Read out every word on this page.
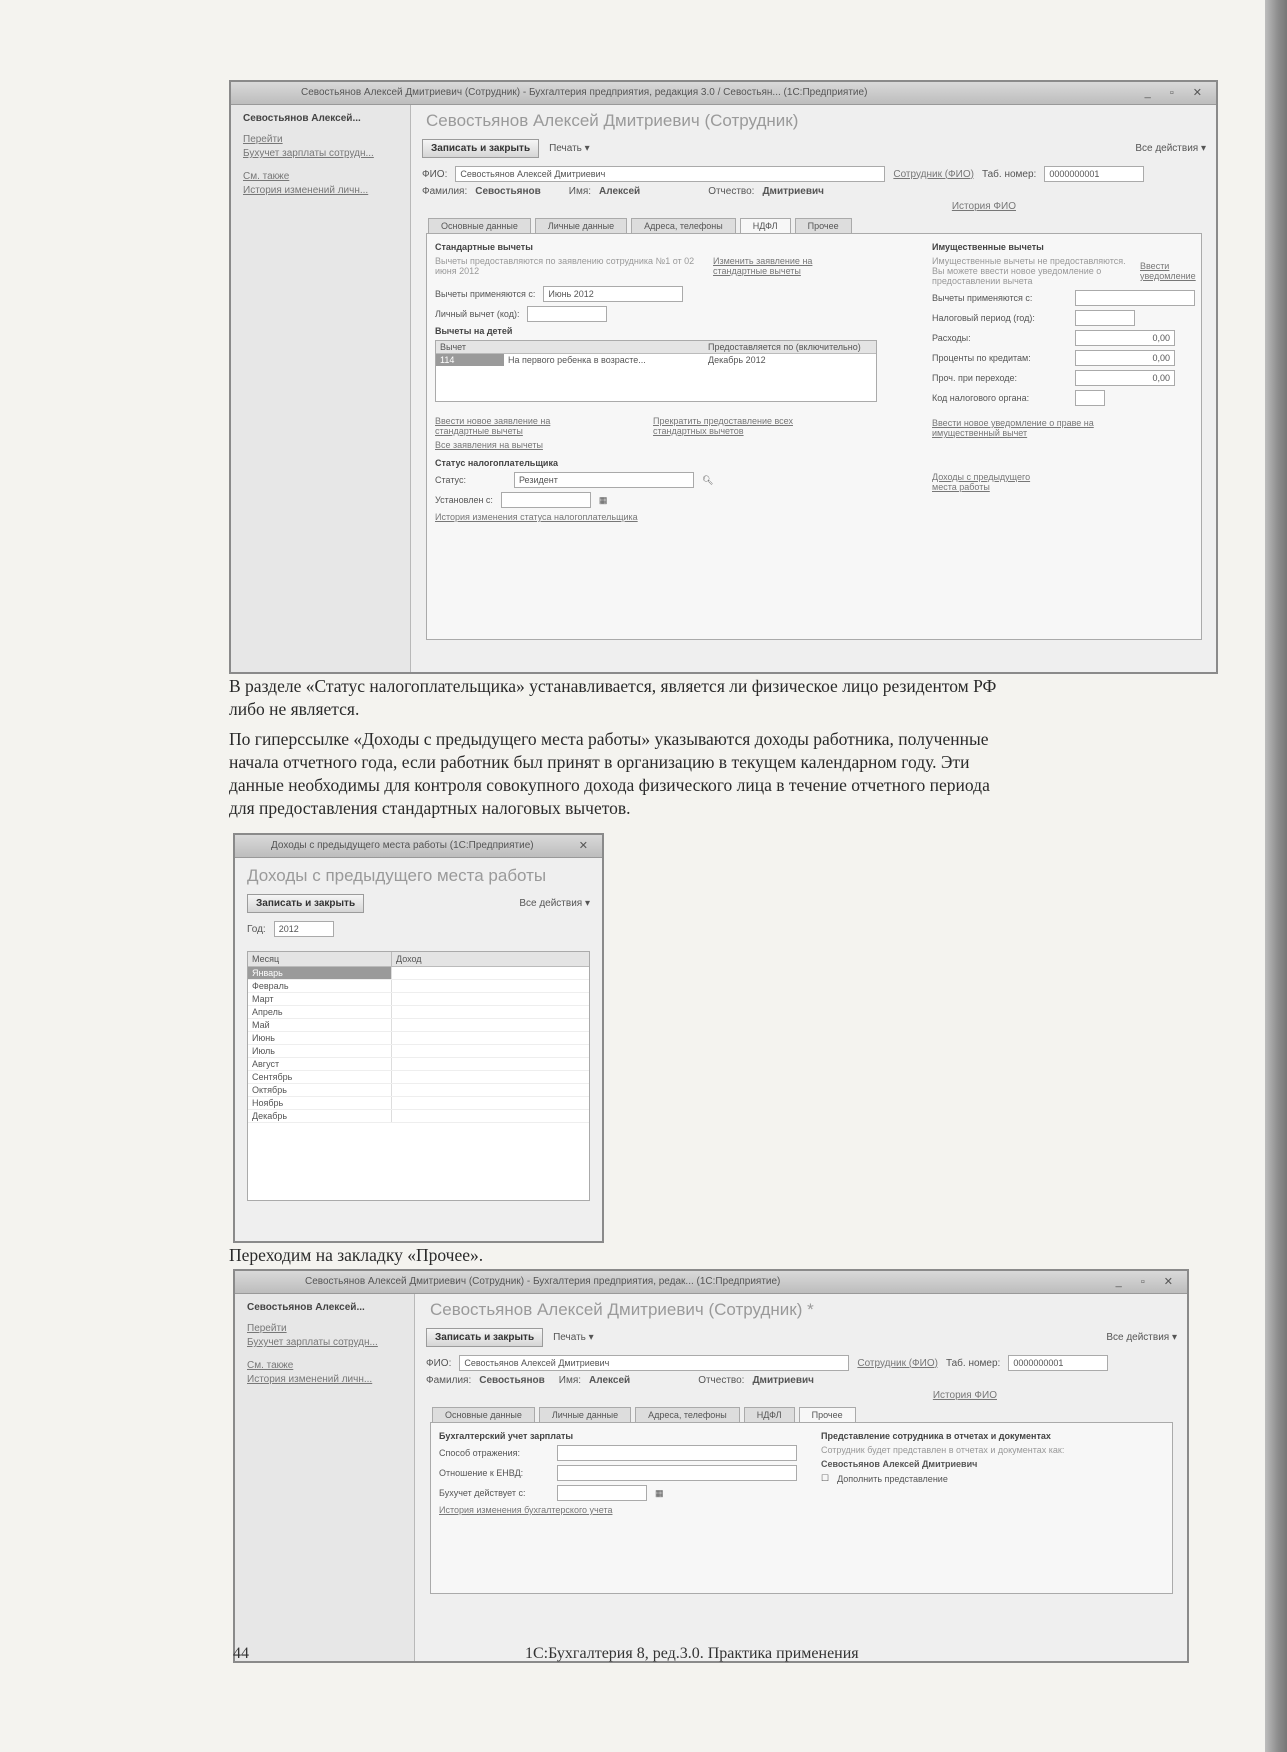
Севостьянов Алексей Дмитриевич (Сотрудник) - Бухгалтерия предприятия, редакция 3.0 / Севостьян... (1С:Предприятие)	_ ▫ ✕
Севостьянов Алексей...
Перейти
Бухучет зарплаты сотрудн...
См. также
История изменений личн...
Севостьянов Алексей Дмитриевич (Сотрудник)
Записать и закрыть	Печать ▾	Все действия ▾
ФИО:	Севостьянов Алексей Дмитриевич	Сотрудник (ФИО) Таб. номер:	0000000001
Фамилия: Севостьянов	Имя: Алексей	Отчество: Дмитриевич
История ФИО
Основные данные	Личные данные	Адреса, телефоны	НДФЛ	Прочее
Стандартные вычеты
Вычеты предоставляются по заявлению сотрудника №1 от 02 июня 2012
Изменить заявление на стандартные вычеты
Вычеты применяются с:	Июнь 2012
Личный вычет (код):
Вычеты на детей
Вычет	Предоставляется по (включительно)
114	На первого ребенка в возрасте...	Декабрь 2012
Ввести новое заявление на стандартные вычеты
Прекратить предоставление всех стандартных вычетов
Все заявления на вычеты
Статус налогоплательщика
Статус:	Резидент	🔍︎
Установлен с:	▦
История изменения статуса налогоплательщика
Имущественные вычеты
Имущественные вычеты не предоставляются. Вы можете ввести новое уведомление о предоставлении вычета
Ввести уведомление
Вычеты применяются с:
Налоговый период (год):
Расходы:	0,00
Проценты по кредитам:	0,00
Проч. при переходе:	0,00
Код налогового органа:
Ввести новое уведомление о праве на имущественный вычет
Доходы с предыдущего места работы
В разделе «Статус налогоплательщика» устанавливается, является ли физическое лицо резидентом РФ
либо не является.
По гиперссылке «Доходы с предыдущего места работы» указываются доходы работника, полученные
начала отчетного года, если работник был принят в организацию в текущем календарном году. Эти
данные необходимы для контроля совокупного дохода физического лица в течение отчетного периода
для предоставления стандартных налоговых вычетов.
Доходы с предыдущего места работы (1С:Предприятие)	✕
Доходы с предыдущего места работы
Записать и закрыть	Все действия ▾
Год:	2012
Месяц	Доход
Январь
Февраль
Март
Апрель
Май
Июнь
Июль
Август
Сентябрь
Октябрь
Ноябрь
Декабрь
Переходим на закладку «Прочее».
Севостьянов Алексей Дмитриевич (Сотрудник) - Бухгалтерия предприятия, редак... (1С:Предприятие)	_ ▫ ✕
Севостьянов Алексей...
Перейти
Бухучет зарплаты сотрудн...
См. также
История изменений личн...
Севостьянов Алексей Дмитриевич (Сотрудник) *
Записать и закрыть	Печать ▾	Все действия ▾
ФИО:	Севостьянов Алексей Дмитриевич	Сотрудник (ФИО) Таб. номер:	0000000001
Фамилия: Севостьянов Имя: Алексей	Отчество: Дмитриевич
История ФИО
Основные данные	Личные данные	Адреса, телефоны	НДФЛ	Прочее
Бухгалтерский учет зарплаты
Способ отражения:
Отношение к ЕНВД:
Бухучет действует с:	▦
История изменения бухгалтерского учета
Представление сотрудника в отчетах и документах
Сотрудник будет представлен в отчетах и документах как:
Севостьянов Алексей Дмитриевич
☐ Дополнить представление
44	1С:Бухгалтерия 8, ред.3.0. Практика применения
